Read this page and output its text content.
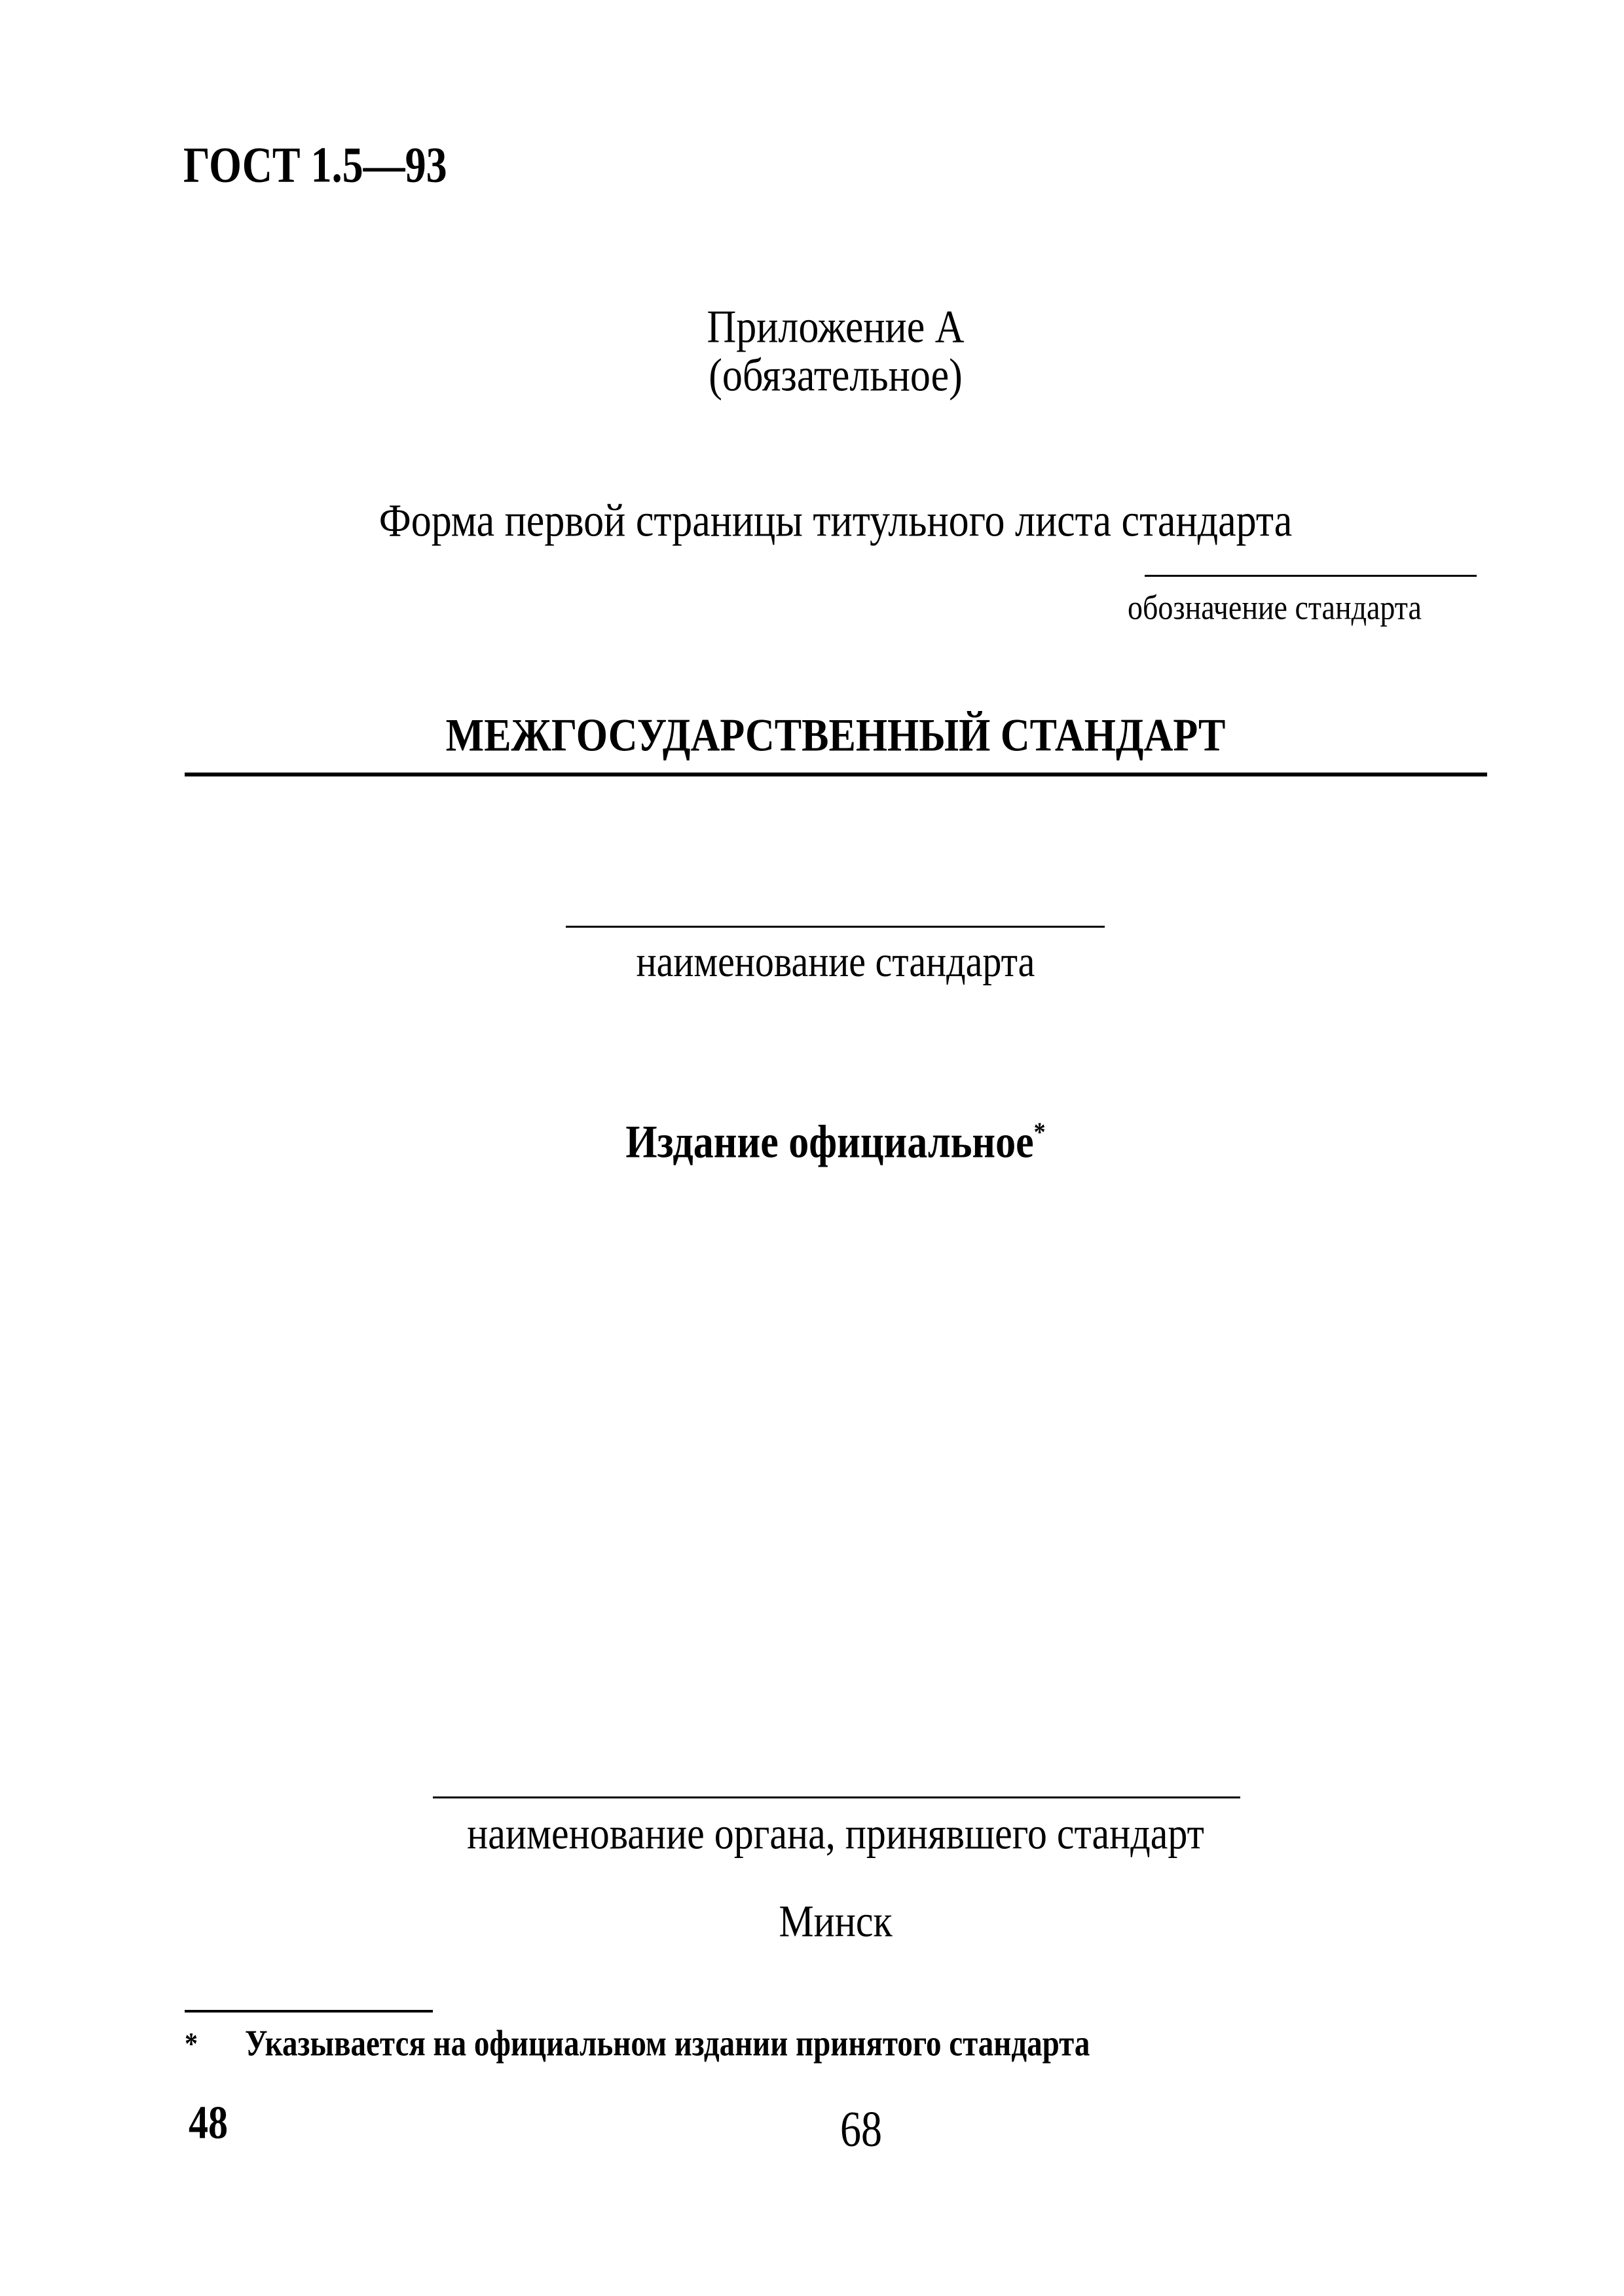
ГОСТ 1.5—93
Приложение А
(обязательное)
Форма первой страницы титульного листа стандарта
обозначение стандарта
МЕЖГОСУДАРСТВЕННЫЙ СТАНДАРТ
наименование стандарта
Издание официальное*
наименование органа, принявшего стандарт
Минск
* Указывается на официальном издании принятого стандарта
48	68
